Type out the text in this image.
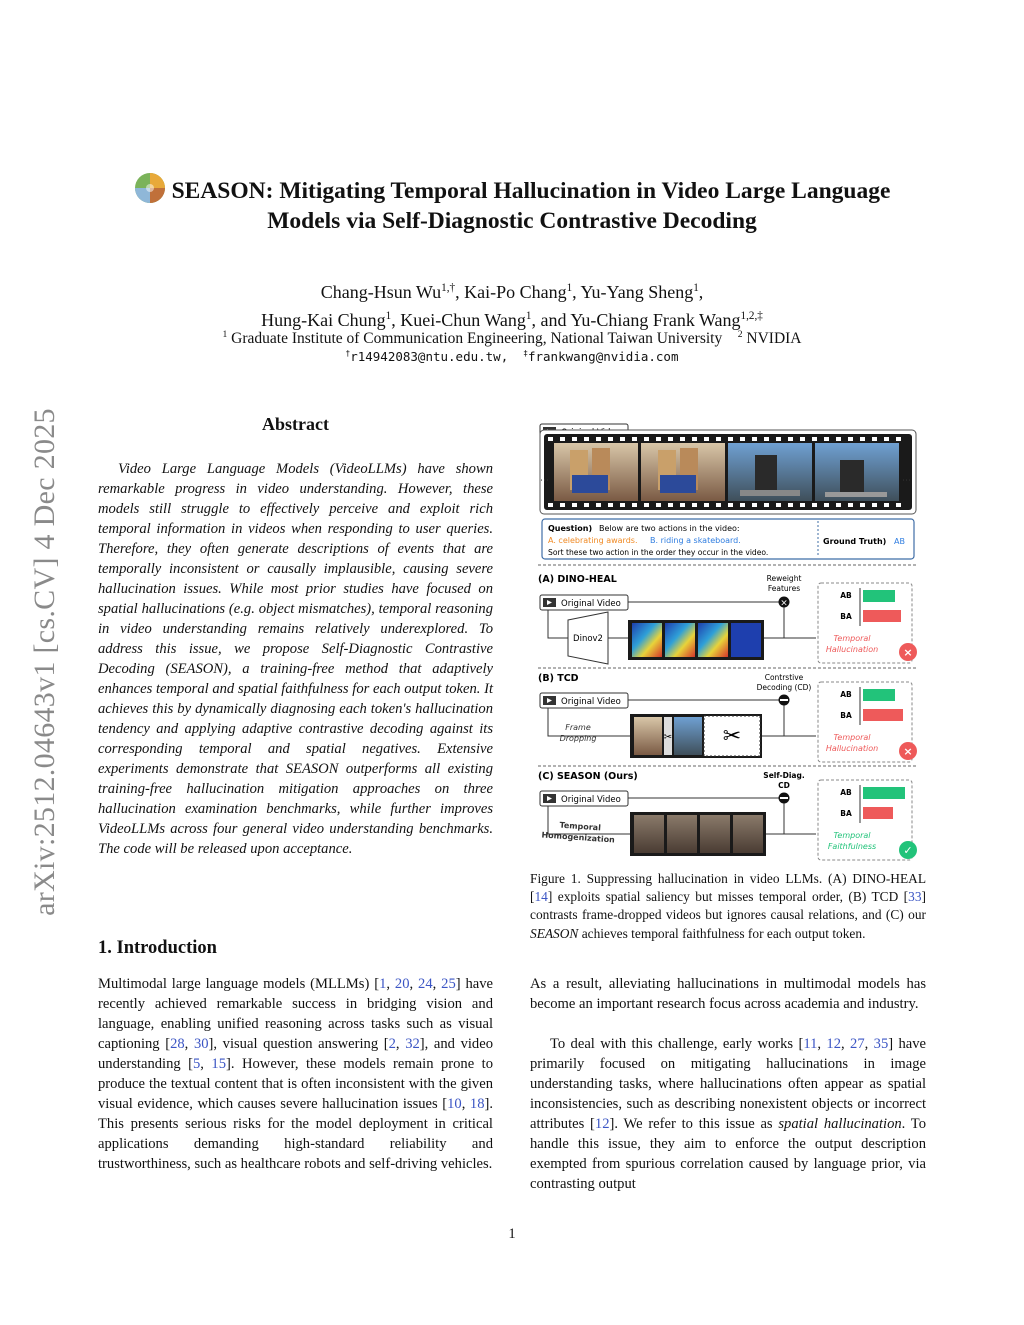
arXiv:2512.04643v1 [cs.CV] 4 Dec 2025
SEASON: Mitigating Temporal Hallucination in Video Large Language
Models via Self-Diagnostic Contrastive Decoding
Chang-Hsun $Wu^{1,\dagger}$, Kai-Po Chang$^1$, Yu-Yang Sheng$^1$,
Hung-Kai Chung$^1$, Kuei-Chun Wang$^1$, and Yu-Chiang Frank Wang$^{1,2,\ddagger}$
$^1$ Graduate Institute of Communication Engineering, National Taiwan University $^2$ NVIDIA
†r14942083@ntu.edu.tw, ‡frankwang@nvidia.com
Abstract

Video Large Language Models (VideoLLMs) have shown remarkable progress in video understanding. However, these models still struggle to effectively perceive and exploit rich temporal information in videos when responding to user queries. Therefore, they often generate descriptions of events that are temporally inconsistent or causally implausible, causing severe hallucination issues. While most prior studies have focused on spatial hallucinations (e.g. object mismatches), temporal reasoning in video understanding remains relatively underexplored. To address this issue, we propose Self-Diagnostic Contrastive Decoding (SEASON), a training-free method that adaptively enhances temporal and spatial faithfulness for each output token. It achieves this by dynamically diagnosing each token's hallucination tendency and applying adaptive contrastive decoding against its corresponding temporal and spatial negatives. Extensive experiments demonstrate that SEASON outperforms all existing training-free hallucination mitigation approaches on three hallucination examination benchmarks, while further improves VideoLLMs across four general video understanding benchmarks. The code will be released upon acceptance.

1. Introduction

Multimodal large language models (MLLMs) [1, 20, 24, 25] have recently achieved remarkable success in bridging vision and language, enabling unified reasoning across tasks such as visual captioning [28, 30], visual question answering [2, 32], and video understanding [5, 15]. However, these models remain prone to produce the textual content that is often inconsistent with the given visual evidence, which causes severe hallucination issues [10, 18]. This presents serious risks for the model deployment in critical applications demanding high-standard reliability and trustworthiness, such as healthcare robots and self-driving vehicles.

⋯	⋯
Question) Below are two actions in the video:
A. celebrating awards. B. riding a skateboard.
Sort these two action in the order they occur in the video.
Ground Truth) AB
(A) DINO-HEAL	Reweight
Features
Original Video	×
Dinov2
AB
BA
Temporal
Hallucination ×
(B) TCD	Contrstive
Decoding (CD)
Original Video
Frame
Dropping	✂ ✂
AB
BA
Temporal
Hallucination ×
(C) SEASON (Ours)	Self-Diag.
CD
Original Video
Temporal
Homogenization
AB
BA
Temporal
Faithfulness ✓

Figure 1. Suppressing hallucination in video LLMs. (A) DINO-HEAL [14] exploits spatial saliency but misses temporal order, (B) TCD [33] contrasts frame-dropped videos but ignores causal relations, and (C) our SEASON achieves temporal faithfulness for each output token.

As a result, alleviating hallucinations in multimodal models has become an important research focus across academia and industry.

To deal with this challenge, early works [11, 12, 27, 35] have primarily focused on mitigating hallucinations in image understanding tasks, where hallucinations often appear as spatial inconsistencies, such as describing nonexistent objects or incorrect attributes [12]. We refer to this issue as spatial hallucination. To handle this issue, they aim to enforce the output description exempted from spurious correlation caused by language prior, via contrasting output

1
